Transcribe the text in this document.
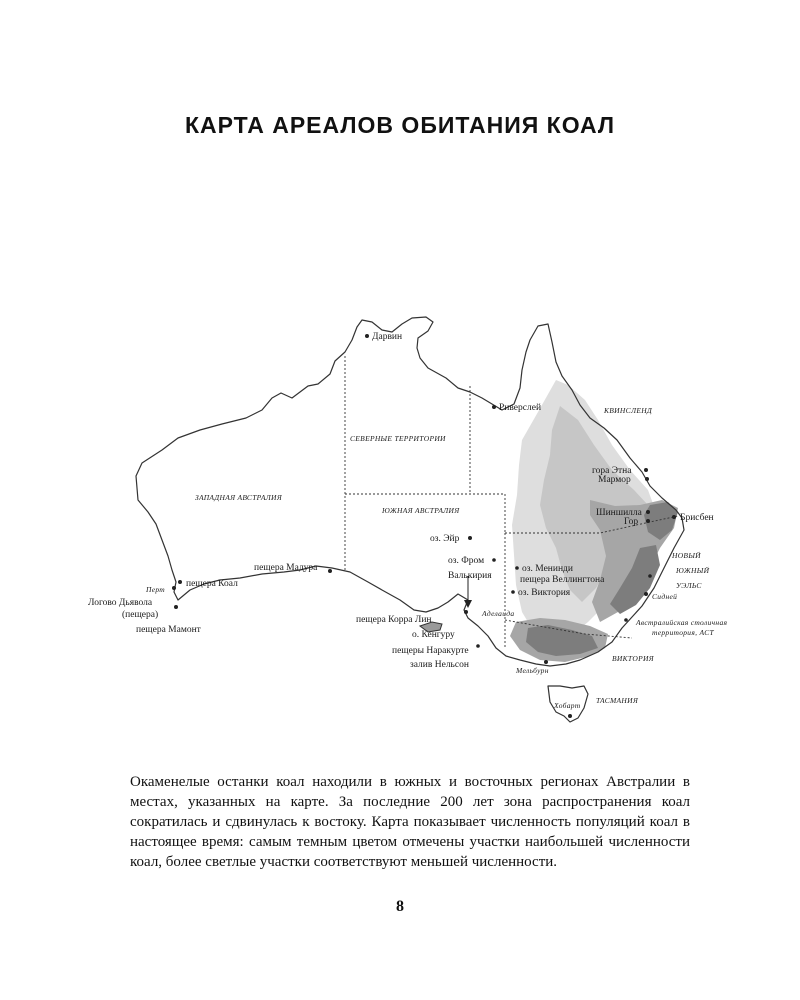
КАРТА АРЕАЛОВ ОБИТАНИЯ КОАЛ
ЗАПАДНАЯ АВСТРАЛИЯ
СЕВЕРНЫЕ ТЕРРИТОРИИ
ЮЖНАЯ АВСТРАЛИЯ
КВИНСЛЕНД
НОВЫЙ
ЮЖНЫЙ
УЭЛЬС
Австралийская столичная
территория, АСТ
ВИКТОРИЯ
ТАСМАНИЯ
Дарвин
Риверслей
гора Этна
Мармор
Брисбен
Шиншилла
Гор
оз. Эйр
оз. Фром
Валькирия
оз. Менинди
пещера Веллингтона
оз. Виктория	Сидней
Аделаида
пещера Корра Лин
о. Кенгуру
пещеры Наракурте
залив Нельсон
Мельбурн
Хобарт
пещера Мадура
пещера Коал
Перт
Логово Дьявола
(пещера)
пещера Мамонт

Окаменелые останки коал находили в южных и восточных регионах Австралии в местах, указанных на карте. За последние 200 лет зона распространения коал сократилась и сдвинулась к востоку. Карта показывает численность популяций коал в настоящее время: самым темным цветом отмечены участки наибольшей численности коал, более светлые участки соответствуют меньшей численности.

8
